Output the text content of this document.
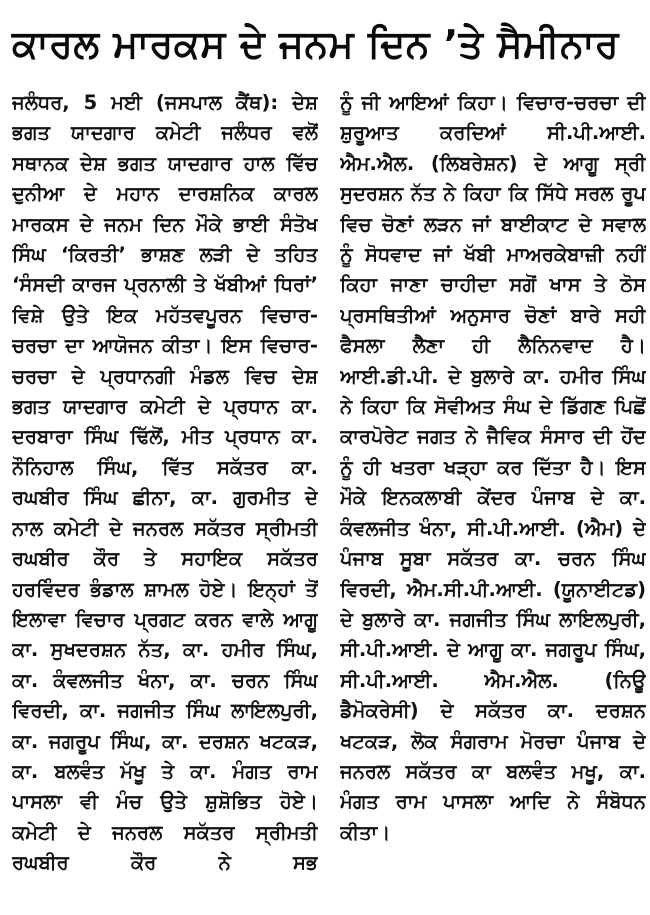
ਕਾਰਲ ਮਾਰਕਸ ਦੇ ਜਨਮ ਦਿਨ ’ਤੇ ਸੈਮੀਨਾਰ

ਜਲੰਧਰ, 5 ਮਈ (ਜਸਪਾਲ ਕੈਂਥ): ਦੇਸ਼ ਭਗਤ ਯਾਦਗਾਰ ਕਮੇਟੀ ਜਲੰਧਰ ਵਲੋਂ ਸਥਾਨਕ ਦੇਸ਼ ਭਗਤ ਯਾਦਗਾਰ ਹਾਲ ਵਿੱਚ ਦੁਨੀਆ ਦੇ ਮਹਾਨ ਦਾਰਸ਼ਨਿਕ ਕਾਰਲ ਮਾਰਕਸ ਦੇ ਜਨਮ ਦਿਨ ਮੌਕੇ ਭਾਈ ਸੰਤੋਖ ਸਿੰਘ ‘ਕਿਰਤੀ’ ਭਾਸ਼ਣ ਲੜੀ ਦੇ ਤਹਿਤ ‘ਸੰਸਦੀ ਕਾਰਜ ਪ੍ਰਨਾਲੀ ਤੇ ਖੱਬੀਆਂ ਧਿਰਾਂ’ ਵਿਸ਼ੇ ਉਤੇ ਇਕ ਮਹੱਤਵਪੂਰਨ ਵਿਚਾਰ-ਚਰਚਾ ਦਾ ਆਯੋਜਨ ਕੀਤਾ। ਇਸ ਵਿਚਾਰ-ਚਰਚਾ ਦੇ ਪ੍ਰਧਾਨਗੀ ਮੰਡਲ ਵਿਚ ਦੇਸ਼ ਭਗਤ ਯਾਦਗਾਰ ਕਮੇਟੀ ਦੇ ਪ੍ਰਧਾਨ ਕਾ. ਦਰਬਾਰਾ ਸਿੰਘ ਢਿੱਲੋਂ, ਮੀਤ ਪ੍ਰਧਾਨ ਕਾ. ਨੌਨਿਹਾਲ ਸਿੰਘ, ਵਿੱਤ ਸਕੱਤਰ ਕਾ. ਰਘਬੀਰ ਸਿੰਘ ਛੀਨਾ, ਕਾ. ਗੁਰਮੀਤ ਦੇ ਨਾਲ ਕਮੇਟੀ ਦੇ ਜਨਰਲ ਸਕੱਤਰ ਸ੍ਰੀਮਤੀ ਰਘਬੀਰ ਕੌਰ ਤੇ ਸਹਾਇਕ ਸਕੱਤਰ ਹਰਵਿੰਦਰ ਭੰਡਾਲ ਸ਼ਾਮਲ ਹੋਏ। ਇਨ੍ਹਾਂ ਤੋਂ ਇਲਾਵਾ ਵਿਚਾਰ ਪ੍ਰਗਟ ਕਰਨ ਵਾਲੇ ਆਗੂ ਕਾ. ਸੁਖਦਰਸ਼ਨ ਨੱਤ, ਕਾ. ਹਮੀਰ ਸਿੰਘ, ਕਾ. ਕੰਵਲਜੀਤ ਖੰਨਾ, ਕਾ. ਚਰਨ ਸਿੰਘ ਵਿਰਦੀ, ਕਾ. ਜਗਜੀਤ ਸਿੰਘ ਲਾਇਲਪੁਰੀ, ਕਾ. ਜਗਰੂਪ ਸਿੰਘ, ਕਾ. ਦਰਸ਼ਨ ਖਟਕੜ, ਕਾ. ਬਲਵੰਤ ਮੱਖੂ ਤੇ ਕਾ. ਮੰਗਤ ਰਾਮ ਪਾਸਲਾ ਵੀ ਮੰਚ ਉਤੇ ਸ਼ੁਸ਼ੋਭਿਤ ਹੋਏ। ਕਮੇਟੀ ਦੇ ਜਨਰਲ ਸਕੱਤਰ ਸ੍ਰੀਮਤੀ ਰਘਬੀਰ ਕੌਰ ਨੇ ਸਭ

ਨੂੰ ਜੀ ਆਇਆਂ ਕਿਹਾ। ਵਿਚਾਰ-ਚਰਚਾ ਦੀ ਸ਼ੁਰੂਆਤ ਕਰਦਿਆਂ ਸੀ.ਪੀ.ਆਈ. ਐਮ.ਐਲ. (ਲਿਬਰੇਸ਼ਨ) ਦੇ ਆਗੂ ਸ੍ਰੀ ਸੁਦਰਸ਼ਨ ਨੱਤ ਨੇ ਕਿਹਾ ਕਿ ਸਿੱਧੇ ਸਰਲ ਰੂਪ ਵਿਚ ਚੋਣਾਂ ਲੜਨ ਜਾਂ ਬਾਈਕਾਟ ਦੇ ਸਵਾਲ ਨੂੰ ਸੋਧਵਾਦ ਜਾਂ ਖੱਬੀ ਮਾਅਰਕੇਬਾਜ਼ੀ ਨਹੀਂ ਕਿਹਾ ਜਾਣਾ ਚਾਹੀਦਾ ਸਗੋਂ ਖਾਸ ਤੇ ਠੋਸ ਪ੍ਰਸਥਿਤੀਆਂ ਅਨੁਸਾਰ ਚੋਣਾਂ ਬਾਰੇ ਸਹੀ ਫੈਸਲਾ ਲੈਣਾ ਹੀ ਲੈਨਿਨਵਾਦ ਹੈ। ਆਈ.ਡੀ.ਪੀ. ਦੇ ਬੁਲਾਰੇ ਕਾ. ਹਮੀਰ ਸਿੰਘ ਨੇ ਕਿਹਾ ਕਿ ਸੋਵੀਅਤ ਸੰਘ ਦੇ ਡਿੱਗਣ ਪਿਛੋਂ ਕਾਰਪੋਰੇਟ ਜਗਤ ਨੇ ਜੈਵਿਕ ਸੰਸਾਰ ਦੀ ਹੋਂਦ ਨੂੰ ਹੀ ਖਤਰਾ ਖੜ੍ਹਾ ਕਰ ਦਿੱਤਾ ਹੈ। ਇਸ ਮੌਕੇ ਇਨਕਲਾਬੀ ਕੇਂਦਰ ਪੰਜਾਬ ਦੇ ਕਾ. ਕੰਵਲਜੀਤ ਖੰਨਾ, ਸੀ.ਪੀ.ਆਈ. (ਐਮ) ਦੇ ਪੰਜਾਬ ਸੂਬਾ ਸਕੱਤਰ ਕਾ. ਚਰਨ ਸਿੰਘ ਵਿਰਦੀ, ਐਮ.ਸੀ.ਪੀ.ਆਈ. (ਯੂਨਾਈਟਡ) ਦੇ ਬੁਲਾਰੇ ਕਾ. ਜਗਜੀਤ ਸਿੰਘ ਲਾਇਲਪੁਰੀ, ਸੀ.ਪੀ.ਆਈ. ਦੇ ਆਗੂ ਕਾ. ਜਗਰੂਪ ਸਿੰਘ, ਸੀ.ਪੀ.ਆਈ. ਐਮ.ਐਲ. (ਨਿਊ ਡੈਮੋਕਰੇਸੀ) ਦੇ ਸਕੱਤਰ ਕਾ. ਦਰਸ਼ਨ ਖਟਕੜ, ਲੋਕ ਸੰਗਰਾਮ ਮੋਰਚਾ ਪੰਜਾਬ ਦੇ ਜਨਰਲ ਸਕੱਤਰ ਕਾ ਬਲਵੰਤ ਮਖੂ, ਕਾ. ਮੰਗਤ ਰਾਮ ਪਾਸਲਾ ਆਦਿ ਨੇ ਸੰਬੋਧਨ ਕੀਤਾ।
